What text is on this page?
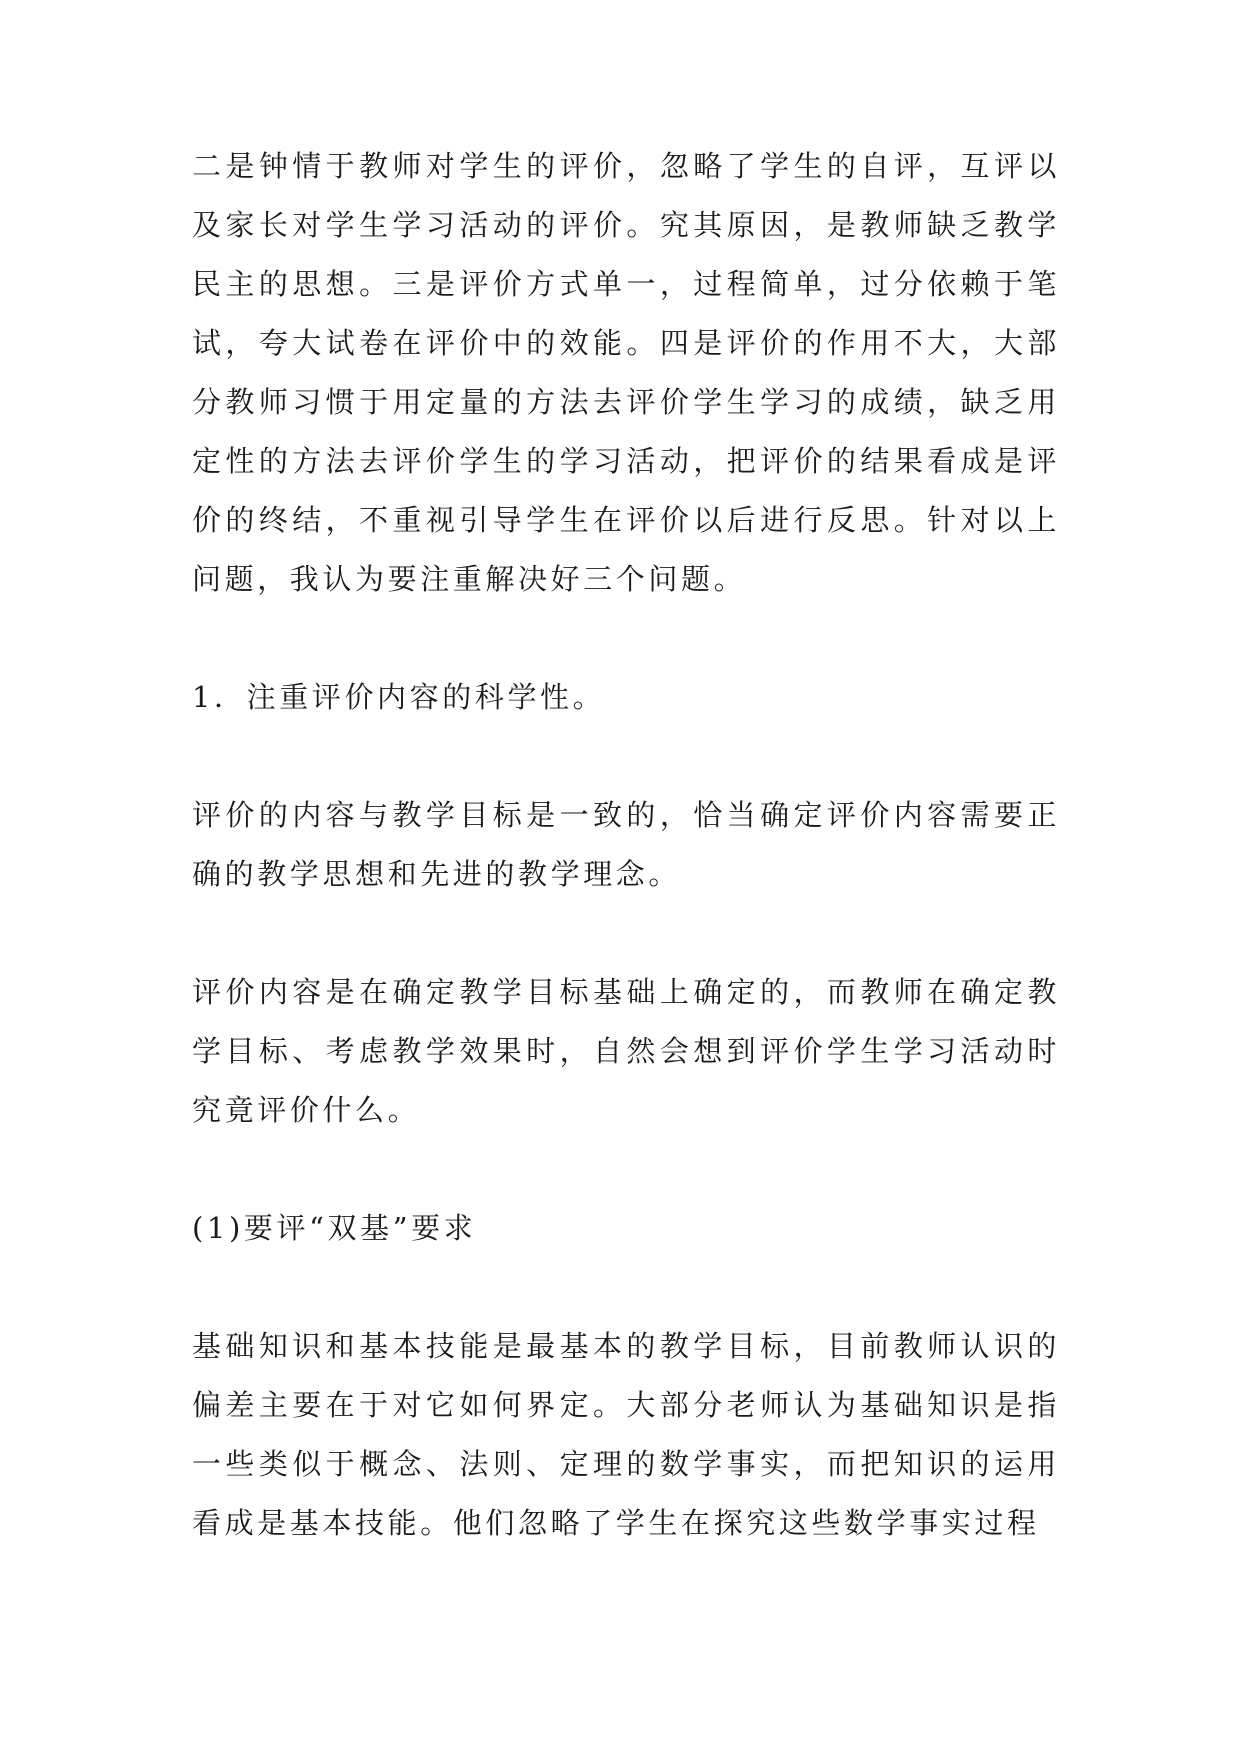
二是钟情于教师对学生的评价，忽略了学生的自评，互评以及家长对学生学习活动的评价。究其原因，是教师缺乏教学民主的思想。三是评价方式单一，过程简单，过分依赖于笔试，夸大试卷在评价中的效能。四是评价的作用不大，大部分教师习惯于用定量的方法去评价学生学习的成绩，缺乏用定性的方法去评价学生的学习活动，把评价的结果看成是评价的终结，不重视引导学生在评价以后进行反思。针对以上问题，我认为要注重解决好三个问题。

1．注重评价内容的科学性。

评价的内容与教学目标是一致的，恰当确定评价内容需要正确的教学思想和先进的教学理念。

评价内容是在确定教学目标基础上确定的，而教师在确定教学目标、考虑教学效果时，自然会想到评价学生学习活动时究竟评价什么。

(1)要评“双基”要求

基础知识和基本技能是最基本的教学目标，目前教师认识的偏差主要在于对它如何界定。大部分老师认为基础知识是指一些类似于概念、法则、定理的数学事实，而把知识的运用看成是基本技能。他们忽略了学生在探究这些数学事实过程
